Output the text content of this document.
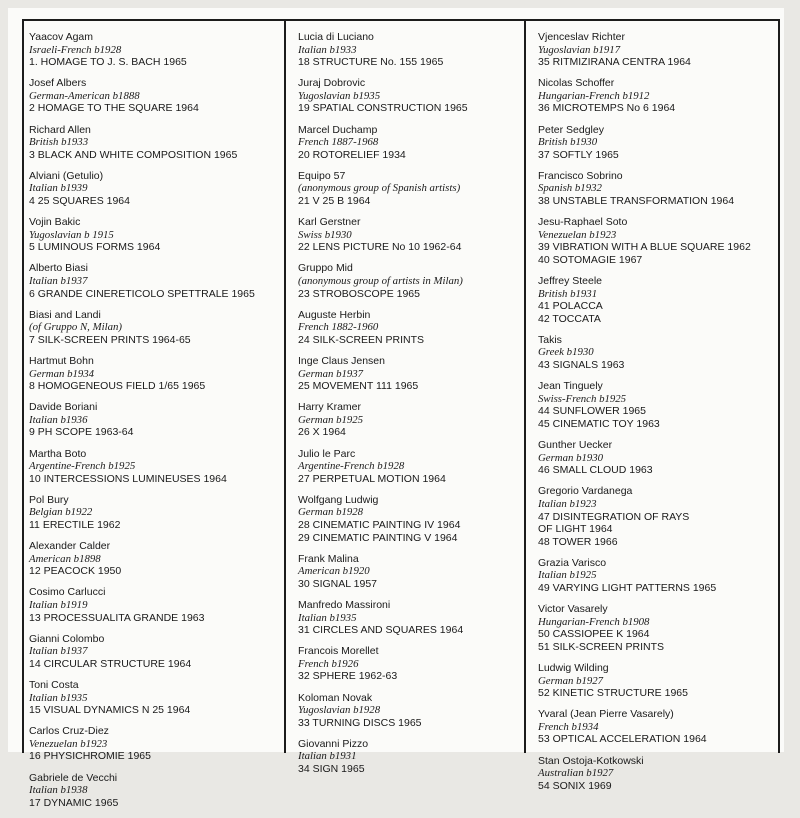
Yaacov Agam
Israeli-French b1928
1. HOMAGE TO J. S. BACH 1965
Josef Albers
German-American b1888
2 HOMAGE TO THE SQUARE 1964
Richard Allen
British b1933
3 BLACK AND WHITE COMPOSITION 1965
Alviani (Getulio)
Italian b1939
4 25 SQUARES 1964
Vojin Bakic
Yugoslavian b 1915
5 LUMINOUS FORMS 1964
Alberto Biasi
Italian b1937
6 GRANDE CINERETICOLO SPETTRALE 1965
Biasi and Landi
(of Gruppo N, Milan)
7 SILK-SCREEN PRINTS 1964-65
Hartmut Bohn
German b1934
8 HOMOGENEOUS FIELD 1/65 1965
Davide Boriani
Italian b1936
9 PH SCOPE 1963-64
Martha Boto
Argentine-French b1925
10 INTERCESSIONS LUMINEUSES 1964
Pol Bury
Belgian b1922
11 ERECTILE 1962
Alexander Calder
American b1898
12 PEACOCK 1950
Cosimo Carlucci
Italian b1919
13 PROCESSUALITA GRANDE 1963
Gianni Colombo
Italian b1937
14 CIRCULAR STRUCTURE 1964
Toni Costa
Italian b1935
15 VISUAL DYNAMICS N 25 1964
Carlos Cruz-Diez
Venezuelan b1923
16 PHYSICHROMIE 1965
Gabriele de Vecchi
Italian b1938
17 DYNAMIC 1965
Lucia di Luciano
Italian b1933
18 STRUCTURE No. 155 1965
Juraj Dobrovic
Yugoslavian b1935
19 SPATIAL CONSTRUCTION 1965
Marcel Duchamp
French 1887-1968
20 ROTORELIEF 1934
Equipo 57
(anonymous group of Spanish artists)
21 V 25 B 1964
Karl Gerstner
Swiss b1930
22 LENS PICTURE No 10 1962-64
Gruppo Mid
(anonymous group of artists in Milan)
23 STROBOSCOPE 1965
Auguste Herbin
French 1882-1960
24 SILK-SCREEN PRINTS
Inge Claus Jensen
German b1937
25 MOVEMENT 111 1965
Harry Kramer
German b1925
26 X 1964
Julio le Parc
Argentine-French b1928
27 PERPETUAL MOTION 1964
Wolfgang Ludwig
German b1928
28 CINEMATIC PAINTING IV 1964
29 CINEMATIC PAINTING V 1964
Frank Malina
American b1920
30 SIGNAL 1957
Manfredo Massironi
Italian b1935
31 CIRCLES AND SQUARES 1964
Francois Morellet
French b1926
32 SPHERE 1962-63
Koloman Novak
Yugoslavian b1928
33 TURNING DISCS 1965
Giovanni Pizzo
Italian b1931
34 SIGN 1965
Vjenceslav Richter
Yugoslavian b1917
35 RITMIZIRANA CENTRA 1964
Nicolas Schoffer
Hungarian-French b1912
36 MICROTEMPS No 6 1964
Peter Sedgley
British b1930
37 SOFTLY 1965
Francisco Sobrino
Spanish b1932
38 UNSTABLE TRANSFORMATION 1964
Jesu-Raphael Soto
Venezuelan b1923
39 VIBRATION WITH A BLUE SQUARE 1962
40 SOTOMAGIE 1967
Jeffrey Steele
British b1931
41 POLACCA
42 TOCCATA
Takis
Greek b1930
43 SIGNALS 1963
Jean Tinguely
Swiss-French b1925
44 SUNFLOWER 1965
45 CINEMATIC TOY 1963
Gunther Uecker
German b1930
46 SMALL CLOUD 1963
Gregorio Vardanega
Italian b1923
47 DISINTEGRATION OF RAYS
OF LIGHT 1964
48 TOWER 1966
Grazia Varisco
Italian b1925
49 VARYING LIGHT PATTERNS 1965
Victor Vasarely
Hungarian-French b1908
50 CASSIOPEE K 1964
51 SILK-SCREEN PRINTS
Ludwig Wilding
German b1927
52 KINETIC STRUCTURE 1965
Yvaral (Jean Pierre Vasarely)
French b1934
53 OPTICAL ACCELERATION 1964
Stan Ostoja-Kotkowski
Australian b1927
54 SONIX 1969
